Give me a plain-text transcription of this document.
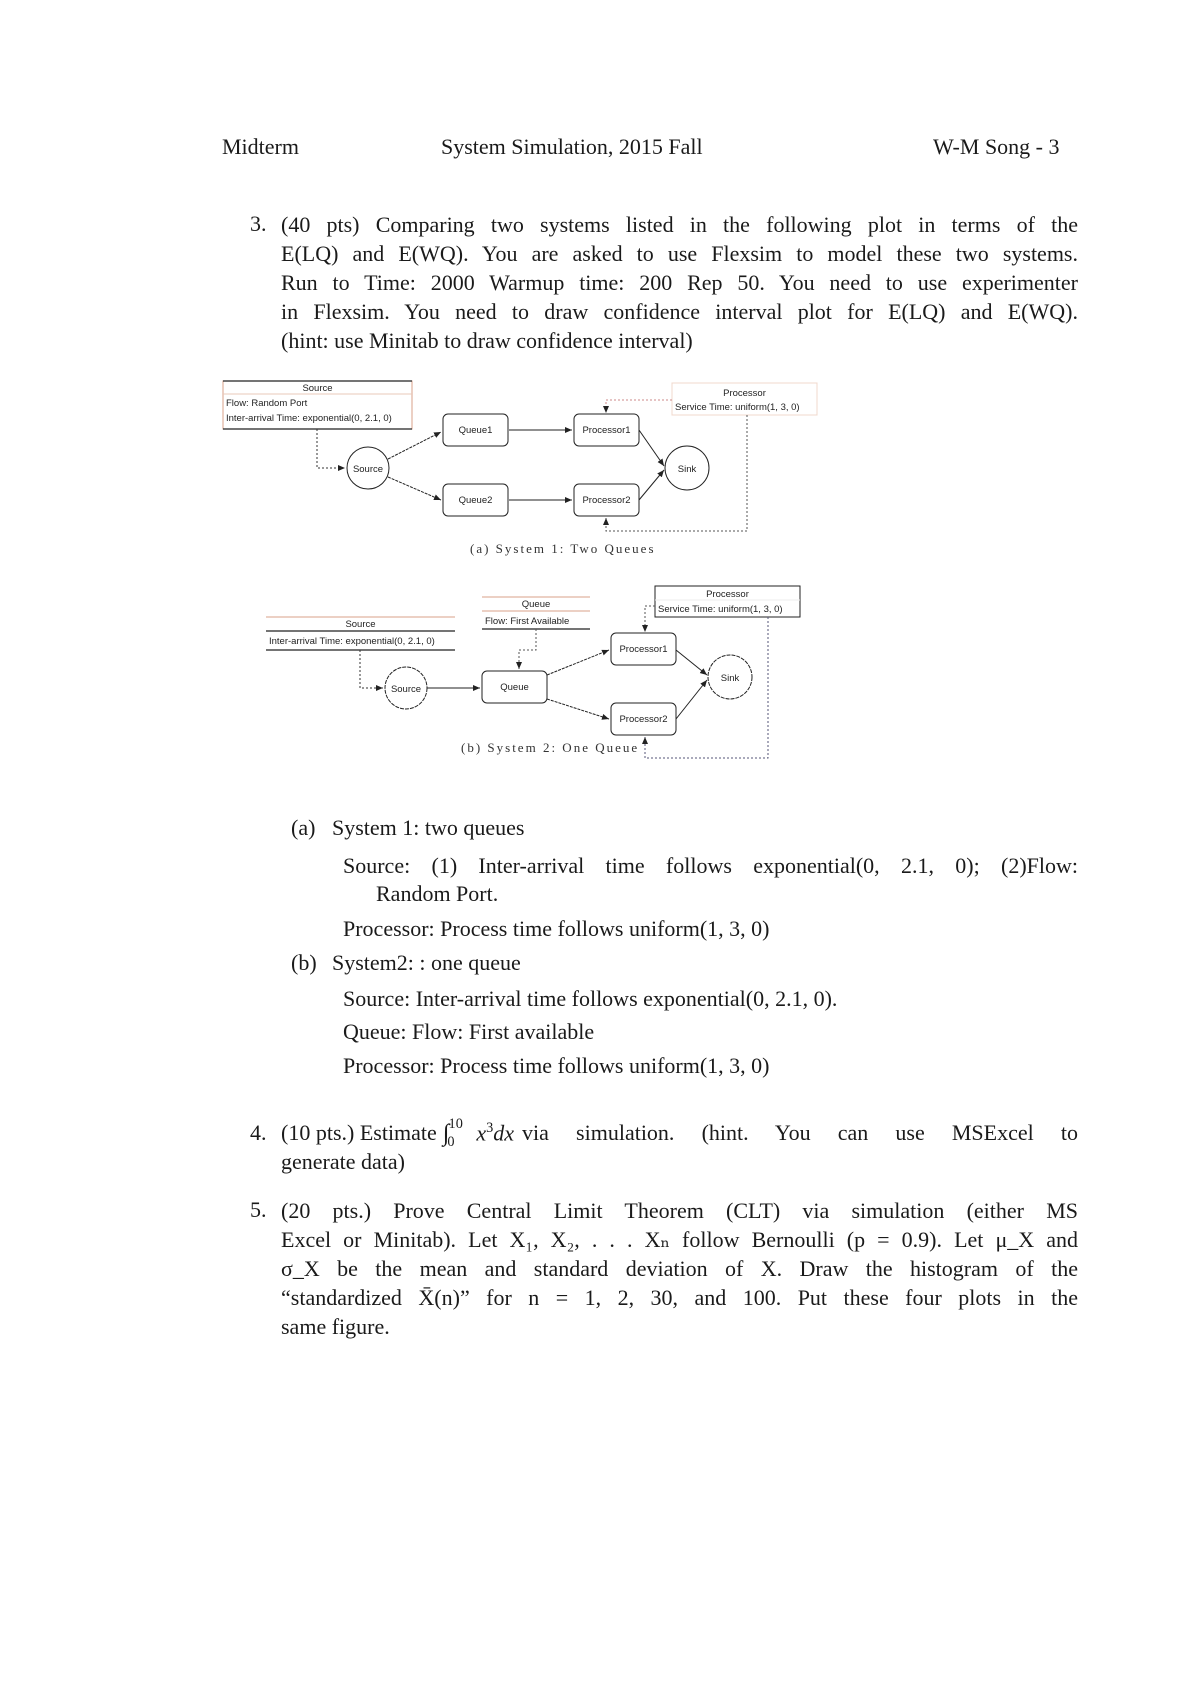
Midterm	System Simulation, 2015 Fall	W-M Song - 3
3. (40 pts) Comparing two systems listed in the following plot in terms of the
E(LQ) and E(WQ). You are asked to use Flexsim to model these two systems.
Run to Time: 2000 Warmup time: 200 Rep 50. You need to use experimenter
in Flexsim. You need to draw confidence interval plot for E(LQ) and E(WQ).
(hint: use Minitab to draw confidence interval)
Source
Flow: Random Port
Inter-arrival Time: exponential(0, 2.1, 0)
Processor
Service Time: uniform(1, 3, 0)
Source
Queue1
Queue2
Processor1
Processor2
Sink
Source
Inter-arrival Time: exponential(0, 2.1, 0)
Queue
Flow: First Available
Processor
Service Time: uniform(1, 3, 0)
Source	Queue
Processor1
Processor2
Sink
(a) System 1: Two Queues
(b) System 2: One Queue
(a) System 1: two queues
Source: (1) Inter-arrival time follows exponential(0, 2.1, 0); (2)Flow:
Random Port.
Processor: Process time follows uniform(1, 3, 0)
(b) System2: : one queue
Source: Inter-arrival time follows exponential(0, 2.1, 0).
Queue: Flow: First available
Processor: Process time follows uniform(1, 3, 0)
4. (10 pts.) Estimate $\int_0^{10}$ $x^3dx$ via simulation. (hint. You can use MSExcel to
generate data)
5. (20 pts.) Prove Central Limit Theorem (CLT) via simulation (either MS
Excel or Minitab). Let X₁, X₂, . . . Xₙ follow Bernoulli (p = 0.9). Let μ_X and
σ_X be the mean and standard deviation of X. Draw the histogram of the
“standardized X̄(n)” for n = 1, 2, 30, and 100. Put these four plots in the
same figure.
